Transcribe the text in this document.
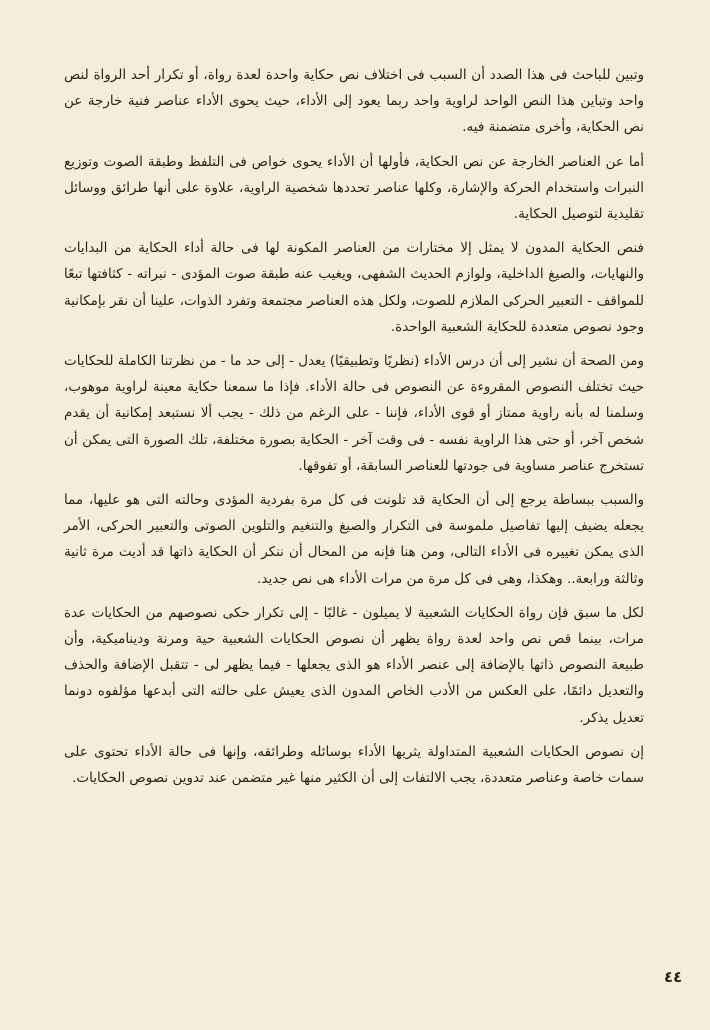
وتبين للباحث فى هذا الصدد أن السبب فى اختلاف نص حكاية واحدة لعدة رواة، أو تكرار أحد الرواة لنص واحد وتباين هذا النص الواحد لراوية واحد ربما يعود إلى الأداء، حيث يحوى الأداء عناصر فنية خارجة عن نص الحكاية، وأخرى متضمنة فيه.

أما عن العناصر الخارجة عن نص الحكاية، فأولها أن الأداء يحوى خواص فى التلفظ وطبقة الصوت وتوزيع النبرات واستخدام الحركة والإشارة، وكلها عناصر تحددها شخصية الراوية، علاوة على أنها طرائق ووسائل تقليدية لتوصيل الحكاية.

فنص الحكاية المدون لا يمثل إلا مختارات من العناصر المكونة لها فى حالة أداء الحكاية من البدايات والنهايات، والصيغ الداخلية، ولوازم الحديث الشفهى، ويغيب عنه طبقة صوت المؤدى - نبراته - كثافتها تبعًا للمواقف - التعبير الحركى الملازم للصوت، ولكل هذه العناصر مجتمعة وتفرد الذوات، علينا أن نقر بإمكانية وجود نصوص متعددة للحكاية الشعبية الواحدة.

ومن الصحة أن نشير إلى أن درس الأداء (نظريًا وتطبيقيًا) يعدل - إلى حد ما - من نظرتنا الكاملة للحكايات حيث تختلف النصوص المقروءة عن النصوص فى حالة الأداء. فإذا ما سمعنا حكاية معينة لراوية موهوب، وسلمنا له بأنه راوية ممتاز أو قوى الأداء، فإننا - على الرغم من ذلك - يجب ألا نستبعد إمكانية أن يقدم شخص آخر، أو حتى هذا الراوية نفسه - فى وقت آخر - الحكاية بصورة مختلفة، تلك الصورة التى يمكن أن تستخرج عناصر مساوية فى جودتها للعناصر السابقة، أو تفوقها.

والسبب ببساطة يرجع إلى أن الحكاية قد تلونت فى كل مرة بفردية المؤدى وحالته التى هو عليها، مما يجعله يضيف إليها تفاصيل ملموسة فى التكرار والصيغ والتنغيم والتلوين الصوتى والتعبير الحركى، الأمر الذى يمكن تغييره فى الأداء التالى، ومن هنا فإنه من المحال أن ننكر أن الحكاية ذاتها قد أديت مرة ثانية وثالثة ورابعة.. وهكذا، وهى فى كل مرة من مرات الأداء هى نص جديد.

لكل ما سبق فإن رواة الحكايات الشعبية لا يميلون - غالبًا - إلى تكرار حكى نصوصهم من الحكايات عدة مرات، بينما قص نص واحد لعدة رواة يظهر أن نصوص الحكايات الشعبية حية ومرنة وديناميكية، وأن طبيعة النصوص ذاتها بالإضافة إلى عنصر الأداء هو الذى يجعلها - فيما يظهر لى - تتقبل الإضافة والحذف والتعديل دائمًا، على العكس من الأدب الخاص المدون الذى يعيش على حالته التى أبدعها مؤلفوه دونما تعديل يذكر.

إن نصوص الحكايات الشعبية المتداولة يثريها الأداء بوسائله وطرائقه، وإنها فى حالة الأداء تحتوى على سمات خاصة وعناصر متعددة، يجب الالتفات إلى أن الكثير منها غير متضمن عند تدوين نصوص الحكايات.

٤٤
